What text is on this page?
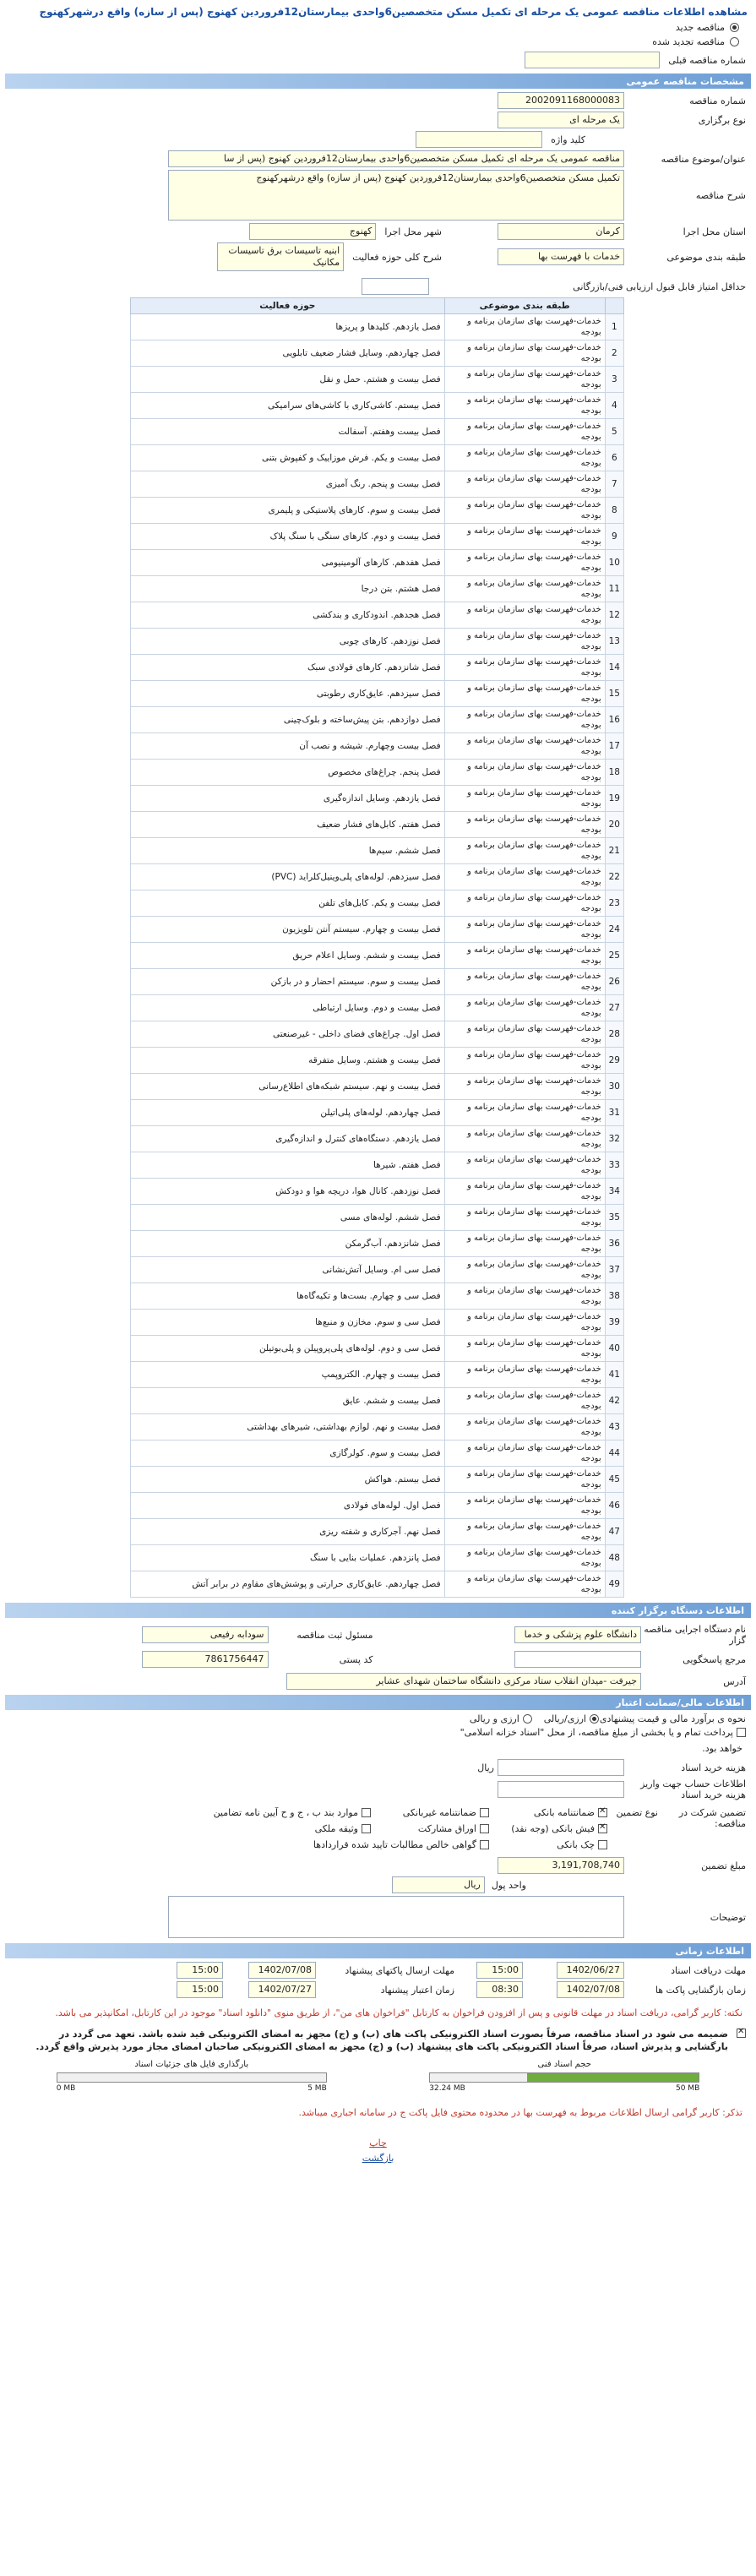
مشاهده اطلاعات مناقصه عمومی یک مرحله ای تکمیل مسکن متخصصین6واحدی بیمارستان12فروردین کهنوج (پس از سازه) واقع درشهرکهنوج
مناقصه جدید
مناقصه تجدید شده
شماره مناقصه قبلی
مشخصات مناقصه عمومی
شماره مناقصه
2002091168000083
نوع برگزاری
یک مرحله ای
کلید واژه
عنوان/موضوع مناقصه
مناقصه عمومی یک مرحله ای تکمیل مسکن متخصصین6واحدی بیمارستان12فروردین کهنوج (پس از سا
شرح مناقصه
تکمیل مسکن متخصصین6واحدی بیمارستان12فروردین کهنوج (پس از سازه) واقع درشهرکهنوج
استان محل اجرا
کرمان
شهر محل اجرا
کهنوج
طبقه بندی موضوعی
خدمات با فهرست بها
شرح کلی حوزه فعالیت
ابنیه تاسیسات برق تاسیسات مکانیک
حداقل امتیاز قابل قبول ارزیابی فنی/بازرگانی
	طبقه بندی موضوعی	حوزه فعالیت
1	خدمات-فهرست بهای سازمان برنامه و بودجه	فصل یازدهم. کلیدها و پریزها
2	خدمات-فهرست بهای سازمان برنامه و بودجه	فصل چهاردهم. وسایل فشار ضعیف تابلویی
3	خدمات-فهرست بهای سازمان برنامه و بودجه	فصل بیست و هشتم. حمل و نقل
4	خدمات-فهرست بهای سازمان برنامه و بودجه	فصل بیستم. کاشی‌کاری با کاشی‌های سرامیکی
5	خدمات-فهرست بهای سازمان برنامه و بودجه	فصل بیست وهفتم. آسفالت
6	خدمات-فهرست بهای سازمان برنامه و بودجه	فصل بیست و یکم. فرش موزاییک و کفپوش بتنی
7	خدمات-فهرست بهای سازمان برنامه و بودجه	فصل بیست و پنجم. رنگ آمیزی
8	خدمات-فهرست بهای سازمان برنامه و بودجه	فصل بیست و سوم. کارهای پلاستیکی و پلیمری
9	خدمات-فهرست بهای سازمان برنامه و بودجه	فصل بیست و دوم. کارهای سنگی با سنگ پلاک
10	خدمات-فهرست بهای سازمان برنامه و بودجه	فصل هفدهم. کارهای آلومینیومی
11	خدمات-فهرست بهای سازمان برنامه و بودجه	فصل هشتم. بتن درجا
12	خدمات-فهرست بهای سازمان برنامه و بودجه	فصل هجدهم. اندودکاری و بندکشی
13	خدمات-فهرست بهای سازمان برنامه و بودجه	فصل نوزدهم. کارهای چوبی
14	خدمات-فهرست بهای سازمان برنامه و بودجه	فصل شانزدهم. کارهای فولادی سبک
15	خدمات-فهرست بهای سازمان برنامه و بودجه	فصل سیزدهم. عایق‌کاری رطوبتی
16	خدمات-فهرست بهای سازمان برنامه و بودجه	فصل دوازدهم. بتن پیش‌ساخته و بلوک‌چینی
17	خدمات-فهرست بهای سازمان برنامه و بودجه	فصل بیست وچهارم. شیشه و نصب آن
18	خدمات-فهرست بهای سازمان برنامه و بودجه	فصل پنجم. چراغ‌های مخصوص
19	خدمات-فهرست بهای سازمان برنامه و بودجه	فصل یازدهم. وسایل اندازه‌گیری
20	خدمات-فهرست بهای سازمان برنامه و بودجه	فصل هفتم. کابل‌های فشار ضعیف
21	خدمات-فهرست بهای سازمان برنامه و بودجه	فصل ششم. سیم‌ها
22	خدمات-فهرست بهای سازمان برنامه و بودجه	فصل سیزدهم. لوله‌های پلی‌وینیل‌کلراید (PVC)
23	خدمات-فهرست بهای سازمان برنامه و بودجه	فصل بیست و یکم. کابل‌های تلفن
24	خدمات-فهرست بهای سازمان برنامه و بودجه	فصل بیست و چهارم. سیستم آنتن تلویزیون
25	خدمات-فهرست بهای سازمان برنامه و بودجه	فصل بیست و ششم. وسایل اعلام حریق
26	خدمات-فهرست بهای سازمان برنامه و بودجه	فصل بیست و سوم. سیستم احضار و در بازکن
27	خدمات-فهرست بهای سازمان برنامه و بودجه	فصل بیست و دوم. وسایل ارتباطی
28	خدمات-فهرست بهای سازمان برنامه و بودجه	فصل اول. چراغ‌های فضای داخلی - غیرصنعتی
29	خدمات-فهرست بهای سازمان برنامه و بودجه	فصل بیست و هشتم. وسایل متفرقه
30	خدمات-فهرست بهای سازمان برنامه و بودجه	فصل بیست و نهم. سیستم شبکه‌های اطلاع‌رسانی
31	خدمات-فهرست بهای سازمان برنامه و بودجه	فصل چهاردهم. لوله‌های پلی‌اتیلن
32	خدمات-فهرست بهای سازمان برنامه و بودجه	فصل یازدهم. دستگاه‌های کنترل و اندازه‌گیری
33	خدمات-فهرست بهای سازمان برنامه و بودجه	فصل هفتم. شیرها
34	خدمات-فهرست بهای سازمان برنامه و بودجه	فصل نوزدهم. کانال هوا، دریچه هوا و دودکش
35	خدمات-فهرست بهای سازمان برنامه و بودجه	فصل ششم. لوله‌های مسی
36	خدمات-فهرست بهای سازمان برنامه و بودجه	فصل شانزدهم. آب‌گرمکن
37	خدمات-فهرست بهای سازمان برنامه و بودجه	فصل سی ام. وسایل آتش‌نشانی
38	خدمات-فهرست بهای سازمان برنامه و بودجه	فصل سی و چهارم. بست‌ها و تکیه‌گاه‌ها
39	خدمات-فهرست بهای سازمان برنامه و بودجه	فصل سی و سوم. مخازن و منبع‌ها
40	خدمات-فهرست بهای سازمان برنامه و بودجه	فصل سی و دوم. لوله‌های پلی‌پروپیلن و پلی‌بوتیلن
41	خدمات-فهرست بهای سازمان برنامه و بودجه	فصل بیست و چهارم. الکتروپمپ
42	خدمات-فهرست بهای سازمان برنامه و بودجه	فصل بیست و ششم. عایق
43	خدمات-فهرست بهای سازمان برنامه و بودجه	فصل بیست و نهم. لوازم بهداشتی، شیرهای بهداشتی
44	خدمات-فهرست بهای سازمان برنامه و بودجه	فصل بیست و سوم. کولرگازی
45	خدمات-فهرست بهای سازمان برنامه و بودجه	فصل بیستم. هواکش
46	خدمات-فهرست بهای سازمان برنامه و بودجه	فصل اول. لوله‌های فولادی
47	خدمات-فهرست بهای سازمان برنامه و بودجه	فصل نهم. آجرکاری و شفته ریزی
48	خدمات-فهرست بهای سازمان برنامه و بودجه	فصل پانزدهم. عملیات بنایی با سنگ
49	خدمات-فهرست بهای سازمان برنامه و بودجه	فصل چهاردهم. عایق‌کاری حرارتی و پوشش‌های مقاوم در برابر آتش
اطلاعات دستگاه برگزار کننده
نام دستگاه اجرایی مناقصه گزار
دانشگاه علوم پزشکی و خدما
مسئول ثبت مناقصه
سودابه رفیعی
مرجع پاسخگویی
کد پستی
7861756447
آدرس
جیرفت -میدان انقلاب ستاد مرکزی دانشگاه ساختمان شهدای عشایر
اطلاعات مالی/ضمانت اعتبار
نحوه ی برآورد مالی و قیمت پیشنهادی
ارزی/ریالی
ارزی و ریالی
پرداخت تمام و یا بخشی از مبلغ مناقصه، از محل "اسناد خزانه اسلامی"
خواهد بود.
هزینه خرید اسناد
ریال
اطلاعات حساب جهت واریز هزینه خرید اسناد
تضمین شرکت در مناقصه:
نوع تضمین
✕
ضمانتنامه بانکی
ضمانتنامه غیربانکی
موارد بند ب ، ج و ح آیین نامه تضامین
✕
فیش بانکی (وجه نقد)
اوراق مشارکت
وثیقه ملکی
چک بانکی
گواهی خالص مطالبات تایید شده قراردادها
مبلغ تضمین
3,191,708,740
واحد پول
ریال
توضیحات
اطلاعات زمانی
مهلت دریافت اسناد
1402/06/27
15:00
مهلت ارسال پاکتهای پیشنهاد
1402/07/08
15:00
زمان بازگشایی پاکت ها
1402/07/08
08:30
زمان اعتبار پیشنهاد
1402/07/27
15:00
نکته: کاربر گرامی، دریافت اسناد در مهلت قانونی و پس از افزودن فراخوان به کارتابل "فراخوان های من"، از طریق منوی "دانلود اسناد" موجود در این کارتابل، امکانپذیر می باشد.
✕
ضمیمه می شود در اسناد مناقصه، صرفاً بصورت اسناد الکترونیکی پاکت های (ب) و (ج) مجهز به امضای الکترونیکی قید شده باشد. تعهد می گردد در بارگشایی و پذیرش اسناد، صرفاً اسناد الکترونیکی پاکت های پیشنهاد (ب) و (ج) مجهز به امضای الکترونیکی صاحبان امضای مجاز مورد پذیرش واقع گردد.
حجم اسناد فنی
32.24 MB	50 MB
بارگذاری فایل های جزئیات اسناد
0 MB	5 MB
تذکر: کاربر گرامی ارسال اطلاعات مربوط به فهرست بها در محدوده محتوی فایل پاکت ج در سامانه اجباری میباشد.
چاپ
بازگشت
